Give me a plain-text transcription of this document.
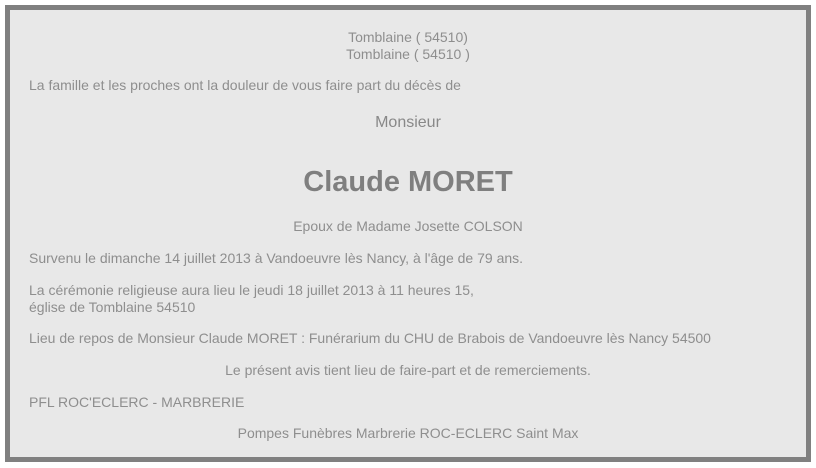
Tomblaine ( 54510)
Tomblaine ( 54510 )

La famille et les proches ont la douleur de vous faire part du décès de

Monsieur

Claude MORET

Epoux de Madame Josette COLSON

Survenu le dimanche 14 juillet 2013 à Vandoeuvre lès Nancy, à l'âge de 79 ans.

La cérémonie religieuse aura lieu le jeudi 18 juillet 2013 à 11 heures 15,
église de Tomblaine 54510

Lieu de repos de Monsieur Claude MORET : Funérarium du CHU de Brabois de Vandoeuvre lès Nancy 54500

Le présent avis tient lieu de faire-part et de remerciements.

PFL ROC'ECLERC - MARBRERIE

Pompes Funèbres Marbrerie ROC-ECLERC Saint Max
